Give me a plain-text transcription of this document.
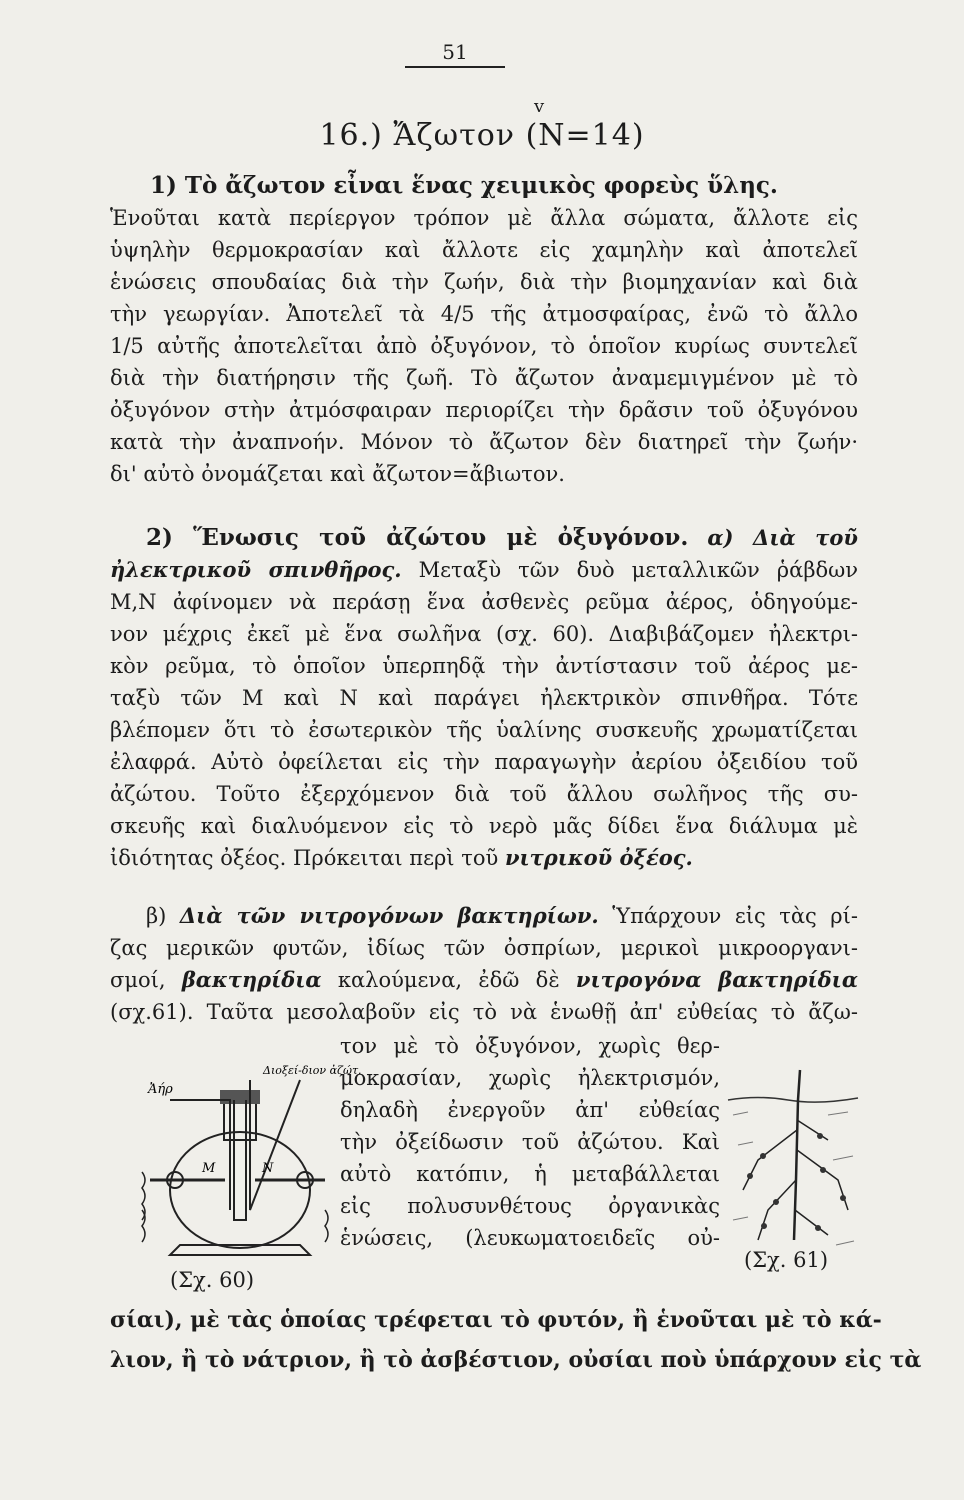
51
16.) Ἄζωτον (N=14)
v
1) Τὸ ἄζωτον εἶναι ἕνας χειμικὸς φορεὺς ὕλης.
Ἑνοῦται κατὰ περίεργον τρόπον μὲ ἄλλα σώματα, ἄλλοτε εἰς
ὑψηλὴν θερμοκρασίαν καὶ ἄλλοτε εἰς χαμηλὴν καὶ ἀποτελεῖ
ἑνώσεις σπουδαίας διὰ τὴν ζωήν, διὰ τὴν βιομηχανίαν καὶ διὰ
τὴν γεωργίαν. Ἀποτελεῖ τὰ 4/5 τῆς ἀτμοσφαίρας, ἐνῶ τὸ ἄλλο
1/5 αὐτῆς ἀποτελεῖται ἀπὸ ὀξυγόνον, τὸ ὁποῖον κυρίως συντελεῖ
διὰ τὴν διατήρησιν τῆς ζωῆ. Τὸ ἄζωτον ἀναμεμιγμένον μὲ τὸ
ὀξυγόνον στὴν ἀτμόσφαιραν περιορίζει τὴν δρᾶσιν τοῦ ὀξυγόνου
κατὰ τὴν ἀναπνοήν. Μόνον τὸ ἄζωτον δὲν διατηρεῖ τὴν ζωήν·
δι' αὐτὸ ὀνομάζεται καὶ ἄζωτον=ἄβιωτον.
2) Ἕνωσις τοῦ ἀζώτου μὲ ὀξυγόνον. α) Διὰ τοῦ
ἠλεκτρικοῦ σπινθῆρος. Μεταξὺ τῶν δυὸ μεταλλικῶν ῥάβδων
M,N ἀφίνομεν νὰ περάσῃ ἕνα ἀσθενὲς ρεῦμα ἀέρος, ὁδηγούμε-
νον μέχρις ἐκεῖ μὲ ἕνα σωλῆνα (σχ. 60). Διαβιβάζομεν ἠλεκτρι-
κὸν ρεῦμα, τὸ ὁποῖον ὑπερπηδᾷ τὴν ἀντίστασιν τοῦ ἀέρος με-
ταξὺ τῶν M καὶ N καὶ παράγει ἠλεκτρικὸν σπινθῆρα. Τότε
βλέπομεν ὅτι τὸ ἐσωτερικὸν τῆς ὑαλίνης συσκευῆς χρωματίζεται
ἐλαφρά. Αὐτὸ ὀφείλεται εἰς τὴν παραγωγὴν ἀερίου ὀξειδίου τοῦ
ἀζώτου. Τοῦτο ἐξερχόμενον διὰ τοῦ ἄλλου σωλῆνος τῆς συ-
σκευῆς καὶ διαλυόμενον εἰς τὸ νερὸ μᾶς δίδει ἕνα διάλυμα μὲ
ἰδιότητας ὀξέος. Πρόκειται περὶ τοῦ νιτρικοῦ ὀξέος.
β) Διὰ τῶν νιτρογόνων βακτηρίων. Ὑπάρχουν εἰς τὰς ρί-
ζας μερικῶν φυτῶν, ἰδίως τῶν ὀσπρίων, μερικοὶ μικροοργανι-
σμοί, βακτηρίδια καλούμενα, ἐδῶ δὲ νιτρογόνα βακτηρίδια
(σχ.61). Ταῦτα μεσολαβοῦν εἰς τὸ νὰ ἑνωθῇ ἀπ' εὐθείας τὸ ἄζω-
τον μὲ τὸ ὀξυγόνον, χωρὶς θερ-
μοκρασίαν, χωρὶς ἠλεκτρισμόν,
δηλαδὴ ἐνεργοῦν ἀπ' εὐθείας
τὴν ὀξείδωσιν τοῦ ἀζώτου. Καὶ
αὐτὸ κατόπιν, ἡ μεταβάλλεται
εἰς πολυσυνθέτους ὀργανικὰς
ἑνώσεις, (λευκωματοειδεῖς οὐ-
Ἀήρ
Διοξεί-διον ἀζώτ.
M	N
(Σχ. 60)
(Σχ. 61)
σίαι), μὲ τὰς ὁποίας τρέφεται τὸ φυτόν, ἢ ἑνοῦται μὲ τὸ κά-
λιον, ἢ τὸ νάτριον, ἢ τὸ ἀσβέστιον, οὐσίαι ποὺ ὑπάρχουν εἰς τὰ
